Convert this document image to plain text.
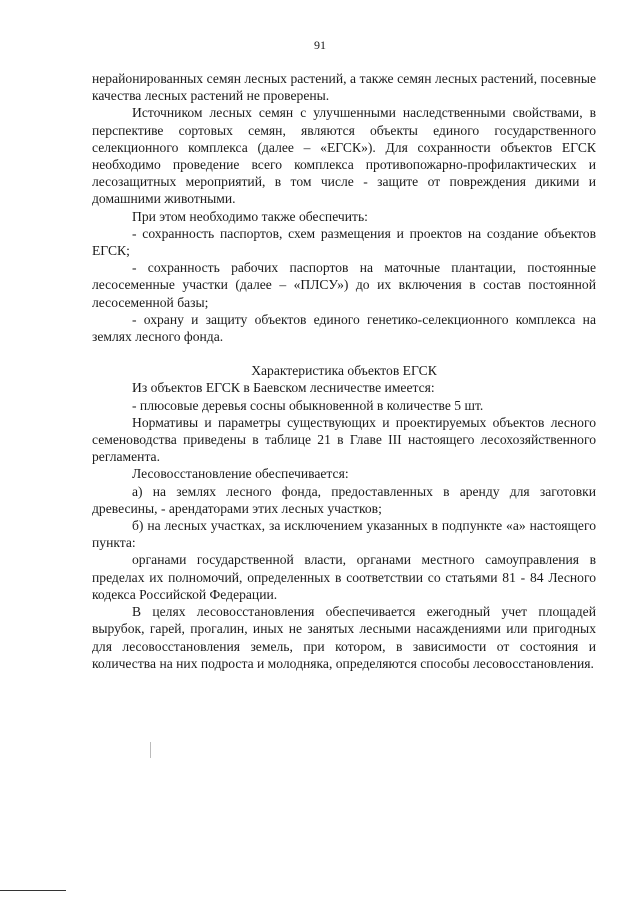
91

нерайонированных семян лесных растений, а также семян лесных растений, посевные качества лесных растений не проверены.

Источником лесных семян с улучшенными наследственными свойствами, в перспективе сортовых семян, являются объекты единого государственного селекционного комплекса (далее – «ЕГСК»). Для сохранности объектов ЕГСК необходимо проведение всего комплекса противопожарно-профилактических и лесозащитных мероприятий, в том числе - защите от повреждения дикими и домашними животными.

При этом необходимо также обеспечить:

- сохранность паспортов, схем размещения и проектов на создание объектов ЕГСК;

- сохранность рабочих паспортов на маточные плантации, постоянные лесосеменные участки (далее – «ПЛСУ») до их включения в состав постоянной лесосеменной базы;

- охрану и защиту объектов единого генетико-селекционного комплекса на землях лесного фонда.

Характеристика объектов ЕГСК

Из объектов ЕГСК в Баевском лесничестве имеется:

- плюсовые деревья сосны обыкновенной в количестве 5 шт.

Нормативы и параметры существующих и проектируемых объектов лесного семеноводства приведены в таблице 21 в Главе III настоящего лесохозяйственного регламента.

Лесовосстановление обеспечивается:

а) на землях лесного фонда, предоставленных в аренду для заготовки древесины, - арендаторами этих лесных участков;

б) на лесных участках, за исключением указанных в подпункте «а» настоящего пункта:

органами государственной власти, органами местного самоуправления в пределах их полномочий, определенных в соответствии со статьями 81 - 84 Лесного кодекса Российской Федерации.

В целях лесовосстановления обеспечивается ежегодный учет площадей вырубок, гарей, прогалин, иных не занятых лесными насаждениями или пригодных для лесовосстановления земель, при котором, в зависимости от состояния и количества на них подроста и молодняка, определяются способы лесовосстановления.
